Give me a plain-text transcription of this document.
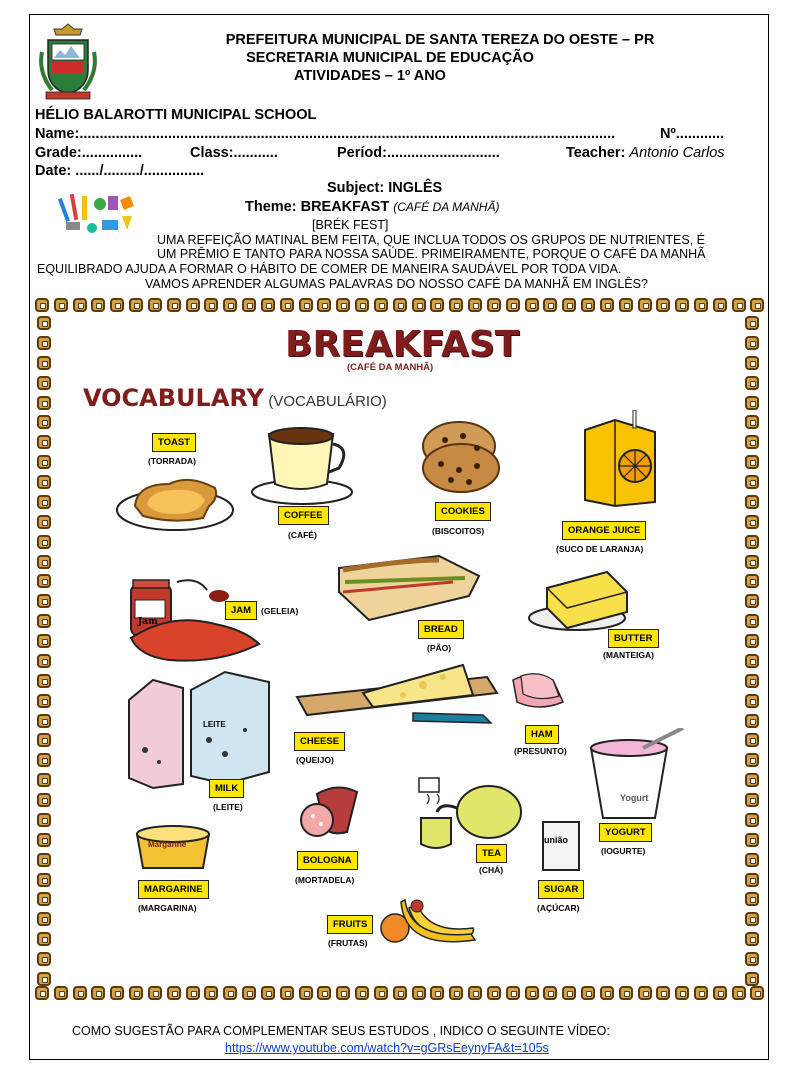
PREFEITURA MUNICIPAL DE SANTA TEREZA DO OESTE – PR
SECRETARIA MUNICIPAL DE EDUCAÇÃO
ATIVIDADES – 1º ANO
HÉLIO BALAROTTI MUNICIPAL SCHOOL
Name:.....................................................................................................................................	Nº............
Grade:...............	Class:...........	Períod:............................	Teacher: Antonio Carlos
Date: ....../........./...............
Subject: INGLÊS
Theme: BREAKFAST (CAFÉ DA MANHÃ)
[BRÉK FEST]
UMA REFEIÇÃO MATINAL BEM FEITA, QUE INCLUA TODOS OS GRUPOS DE NUTRIENTES, É
UM PRÊMIO E TANTO PARA NOSSA SAÚDE. PRIMEIRAMENTE, PORQUE O CAFÉ DA MANHÃ
EQUILIBRADO AJUDA A FORMAR O HÁBITO DE COMER DE MANEIRA SAUDÁVEL POR TODA VIDA.
VAMOS APRENDER ALGUMAS PALAVRAS DO NOSSO CAFÉ DA MANHÃ EM INGLÊS?
BREAKFAST
(CAFÉ DA MANHÃ)
VOCABULARY (VOCABULÁRIO)
Jam
LEITE
Yogurt
união
Margarine
TOAST
(TORRADA)
COFFEE
(CAFÉ)
COOKIES
(BISCOITOS)	ORANGE JUICE
(SUCO DE LARANJA)
JAM	(GELEIA)
BREAD
(PÃO)
BUTTER
(MANTEIGA)
CHEESE
(QUEIJO)
HAM
(PRESUNTO)
MILK
(LEITE)
YOGURT
(IOGURTE)
BOLOGNA
(MORTADELA)
TEA
(CHÁ)
MARGARINE
(MARGARINA)
SUGAR
(AÇÚCAR)
FRUITS
(FRUTAS)
COMO SUGESTÃO PARA COMPLEMENTAR SEUS ESTUDOS , INDICO O SEGUINTE VÍDEO:
https://www.youtube.com/watch?v=gGRsEeynyFA&t=105s
